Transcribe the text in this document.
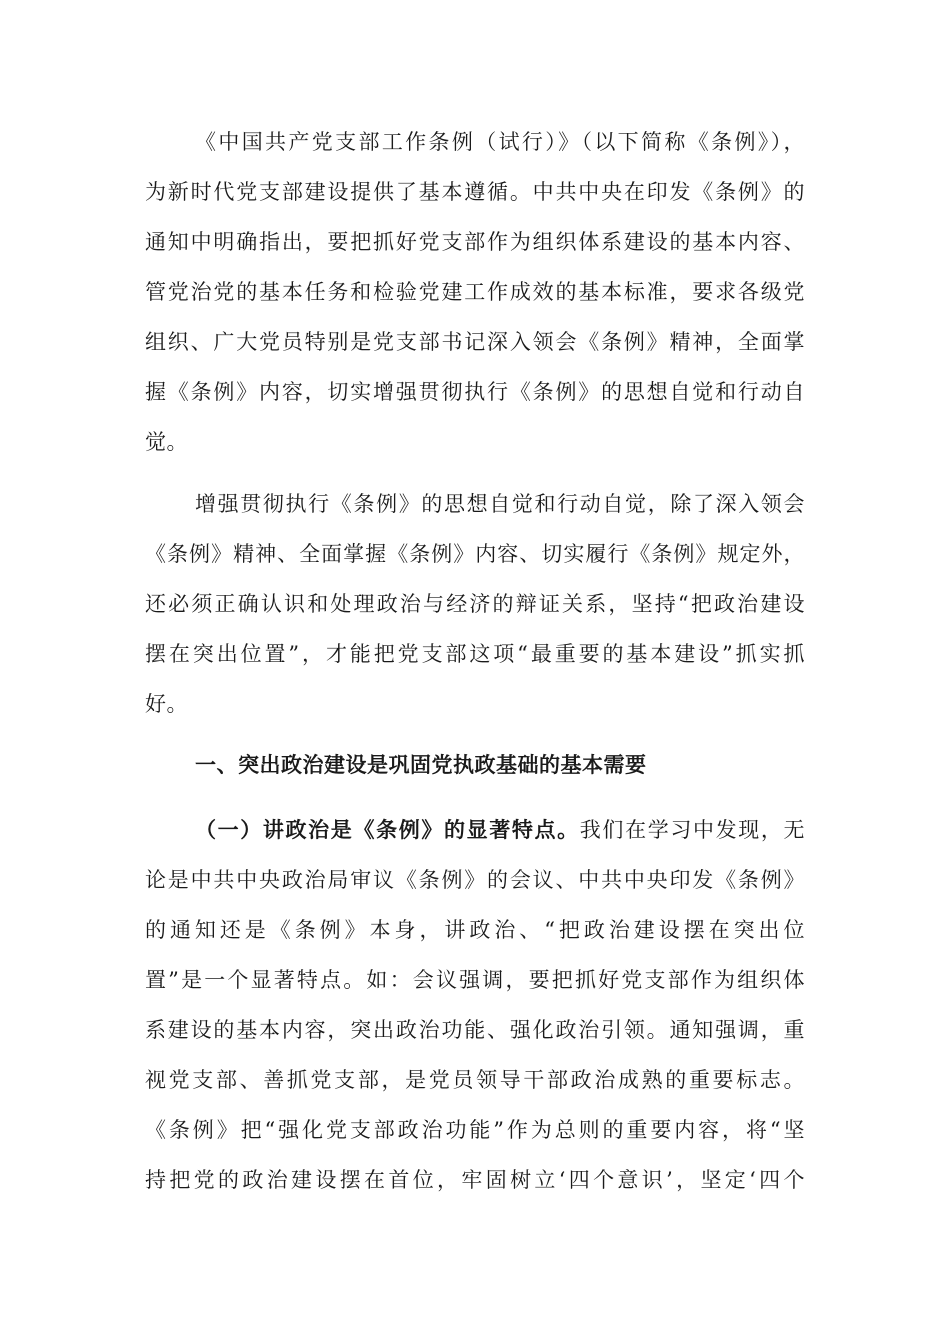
《中国共产党支部工作条例（试行）》（以下简称《条例》），
为新时代党支部建设提供了基本遵循。中共中央在印发《条例》的
通知中明确指出，要把抓好党支部作为组织体系建设的基本内容、
管党治党的基本任务和检验党建工作成效的基本标准，要求各级党
组织、广大党员特别是党支部书记深入领会《条例》精神，全面掌
握《条例》内容，切实增强贯彻执行《条例》的思想自觉和行动自
觉。
增强贯彻执行《条例》的思想自觉和行动自觉，除了深入领会
《条例》精神、全面掌握《条例》内容、切实履行《条例》规定外，
还必须正确认识和处理政治与经济的辩证关系，坚持“把政治建设
摆在突出位置”，才能把党支部这项“最重要的基本建设”抓实抓
好。
一、突出政治建设是巩固党执政基础的基本需要
（一）讲政治是《条例》的显著特点。我们在学习中发现，无
论是中共中央政治局审议《条例》的会议、中共中央印发《条例》
的通知还是《条例》本身，讲政治、“把政治建设摆在突出位
置”是一个显著特点。如：会议强调，要把抓好党支部作为组织体
系建设的基本内容，突出政治功能、强化政治引领。通知强调，重
视党支部、善抓党支部，是党员领导干部政治成熟的重要标志。
《条例》把“强化党支部政治功能”作为总则的重要内容，将“坚
持把党的政治建设摆在首位，牢固树立‘四个意识’，坚定‘四个
